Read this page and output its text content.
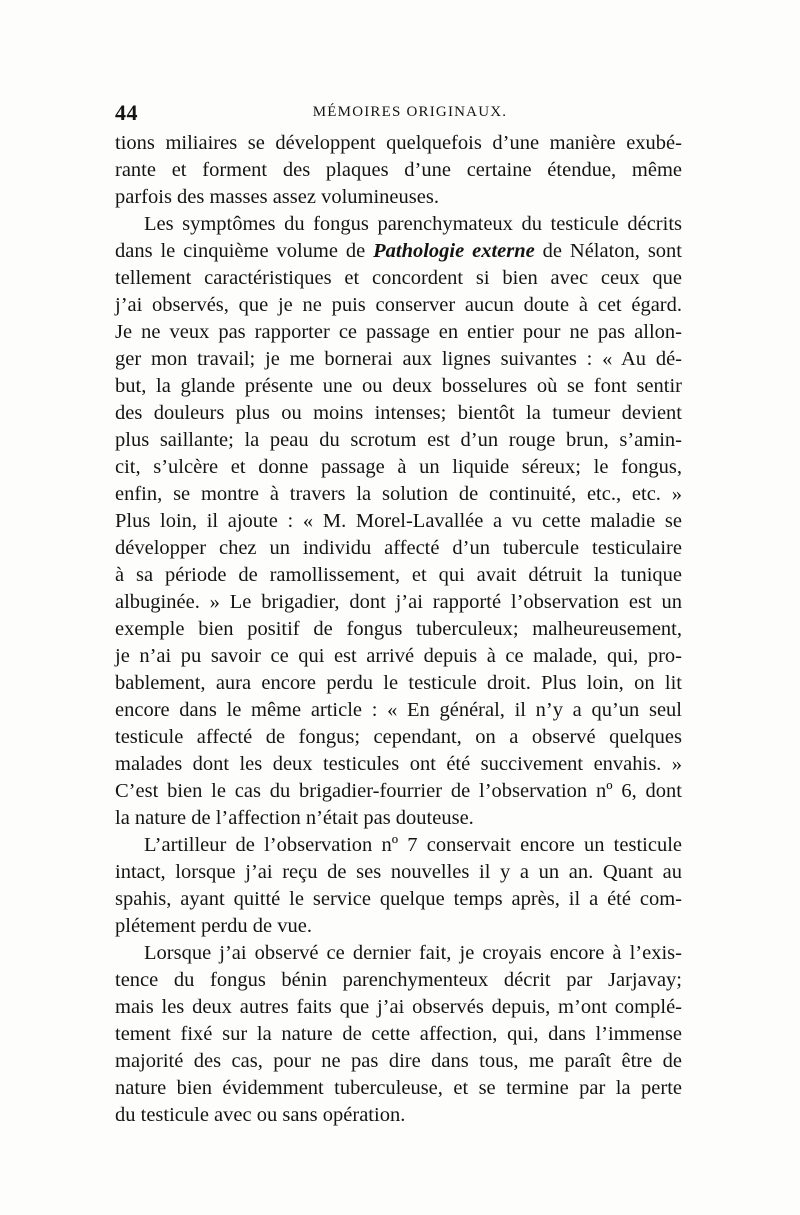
44	MÉMOIRES ORIGINAUX.
tions miliaires se développent quelquefois d’une manière exubé-
rante et forment des plaques d’une certaine étendue, même
parfois des masses assez volumineuses.
Les symptômes du fongus parenchymateux du testicule décrits
dans le cinquième volume de Pathologie externe de Nélaton, sont
tellement caractéristiques et concordent si bien avec ceux que
j’ai observés, que je ne puis conserver aucun doute à cet égard.
Je ne veux pas rapporter ce passage en entier pour ne pas allon-
ger mon travail; je me bornerai aux lignes suivantes : « Au dé-
but, la glande présente une ou deux bosselures où se font sentir
des douleurs plus ou moins intenses; bientôt la tumeur devient
plus saillante; la peau du scrotum est d’un rouge brun, s’amin-
cit, s’ulcère et donne passage à un liquide séreux; le fongus,
enfin, se montre à travers la solution de continuité, etc., etc. »
Plus loin, il ajoute : « M. Morel-Lavallée a vu cette maladie se
développer chez un individu affecté d’un tubercule testiculaire
à sa période de ramollissement, et qui avait détruit la tunique
albuginée. » Le brigadier, dont j’ai rapporté l’observation est un
exemple bien positif de fongus tuberculeux; malheureusement,
je n’ai pu savoir ce qui est arrivé depuis à ce malade, qui, pro-
bablement, aura encore perdu le testicule droit. Plus loin, on lit
encore dans le même article : « En général, il n’y a qu’un seul
testicule affecté de fongus; cependant, on a observé quelques
malades dont les deux testicules ont été succivement envahis. »
C’est bien le cas du brigadier-fourrier de l’observation nº 6, dont
la nature de l’affection n’était pas douteuse.
L’artilleur de l’observation nº 7 conservait encore un testicule
intact, lorsque j’ai reçu de ses nouvelles il y a un an. Quant au
spahis, ayant quitté le service quelque temps après, il a été com-
plétement perdu de vue.
Lorsque j’ai observé ce dernier fait, je croyais encore à l’exis-
tence du fongus bénin parenchymenteux décrit par Jarjavay;
mais les deux autres faits que j’ai observés depuis, m’ont complé-
tement fixé sur la nature de cette affection, qui, dans l’immense
majorité des cas, pour ne pas dire dans tous, me paraît être de
nature bien évidemment tuberculeuse, et se termine par la perte
du testicule avec ou sans opération.
